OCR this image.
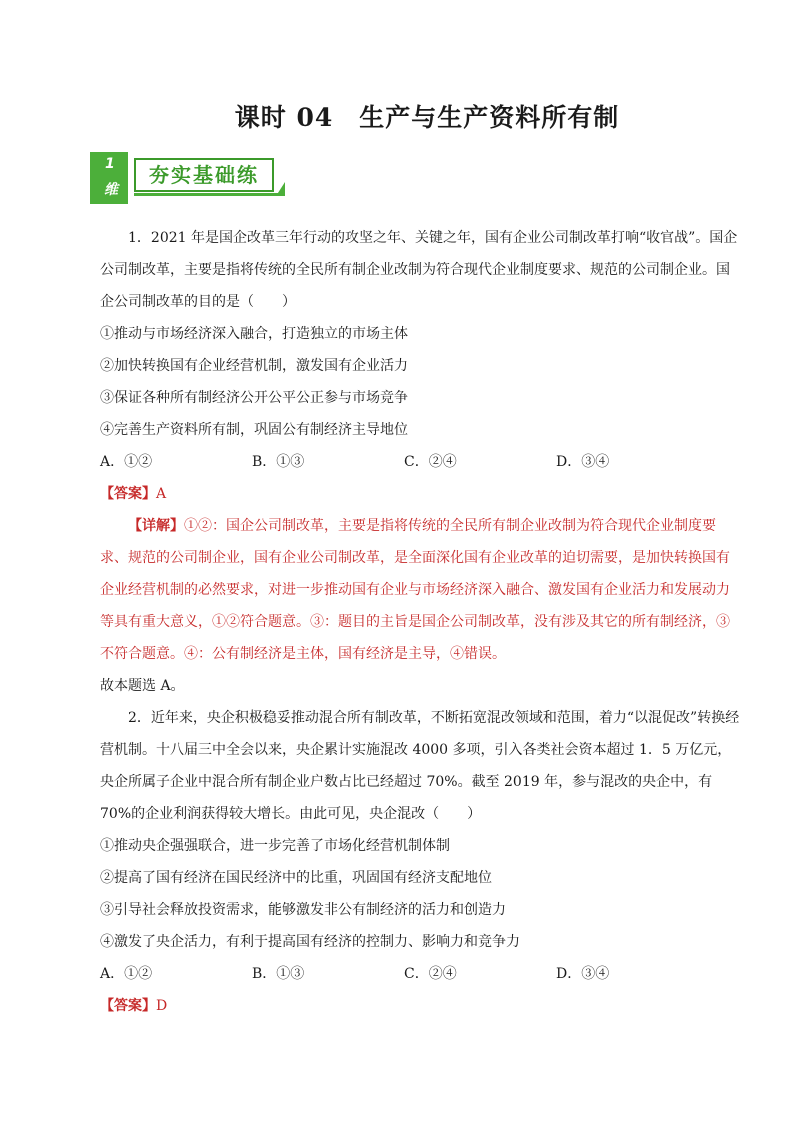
课时 04　生产与生产资料所有制
1
维
夯实基础练

1．2021 年是国企改革三年行动的攻坚之年、关键之年，国有企业公司制改革打响“收官战”。国企公司制改革，主要是指将传统的全民所有制企业改制为符合现代企业制度要求、规范的公司制企业。国企公司制改革的目的是（　　）

①推动与市场经济深入融合，打造独立的市场主体

②加快转换国有企业经营机制，激发国有企业活力

③保证各种所有制经济公开公平公正参与市场竞争

④完善生产资料所有制，巩固公有制经济主导地位

A．①②	B．①③	C．②④	D．③④
【答案】A
【详解】①②：国企公司制改革，主要是指将传统的全民所有制企业改制为符合现代企业制度要求、规范的公司制企业，国有企业公司制改革，是全面深化国有企业改革的迫切需要，是加快转换国有企业经营机制的必然要求，对进一步推动国有企业与市场经济深入融合、激发国有企业活力和发展动力等具有重大意义，①②符合题意。③：题目的主旨是国企公司制改革，没有涉及其它的所有制经济，③不符合题意。④：公有制经济是主体，国有经济是主导，④错误。
故本题选 A。

2．近年来，央企积极稳妥推动混合所有制改革，不断拓宽混改领域和范围，着力“以混促改”转换经营机制。十八届三中全会以来，央企累计实施混改 4000 多项，引入各类社会资本超过 1．5 万亿元，央企所属子企业中混合所有制企业户数占比已经超过 70%。截至 2019 年，参与混改的央企中，有 70%的企业利润获得较大增长。由此可见，央企混改（　　）

①推动央企强强联合，进一步完善了市场化经营机制体制

②提高了国有经济在国民经济中的比重，巩固国有经济支配地位

③引导社会释放投资需求，能够激发非公有制经济的活力和创造力

④激发了央企活力，有利于提高国有经济的控制力、影响力和竞争力

A．①②	B．①③	C．②④	D．③④
【答案】D
